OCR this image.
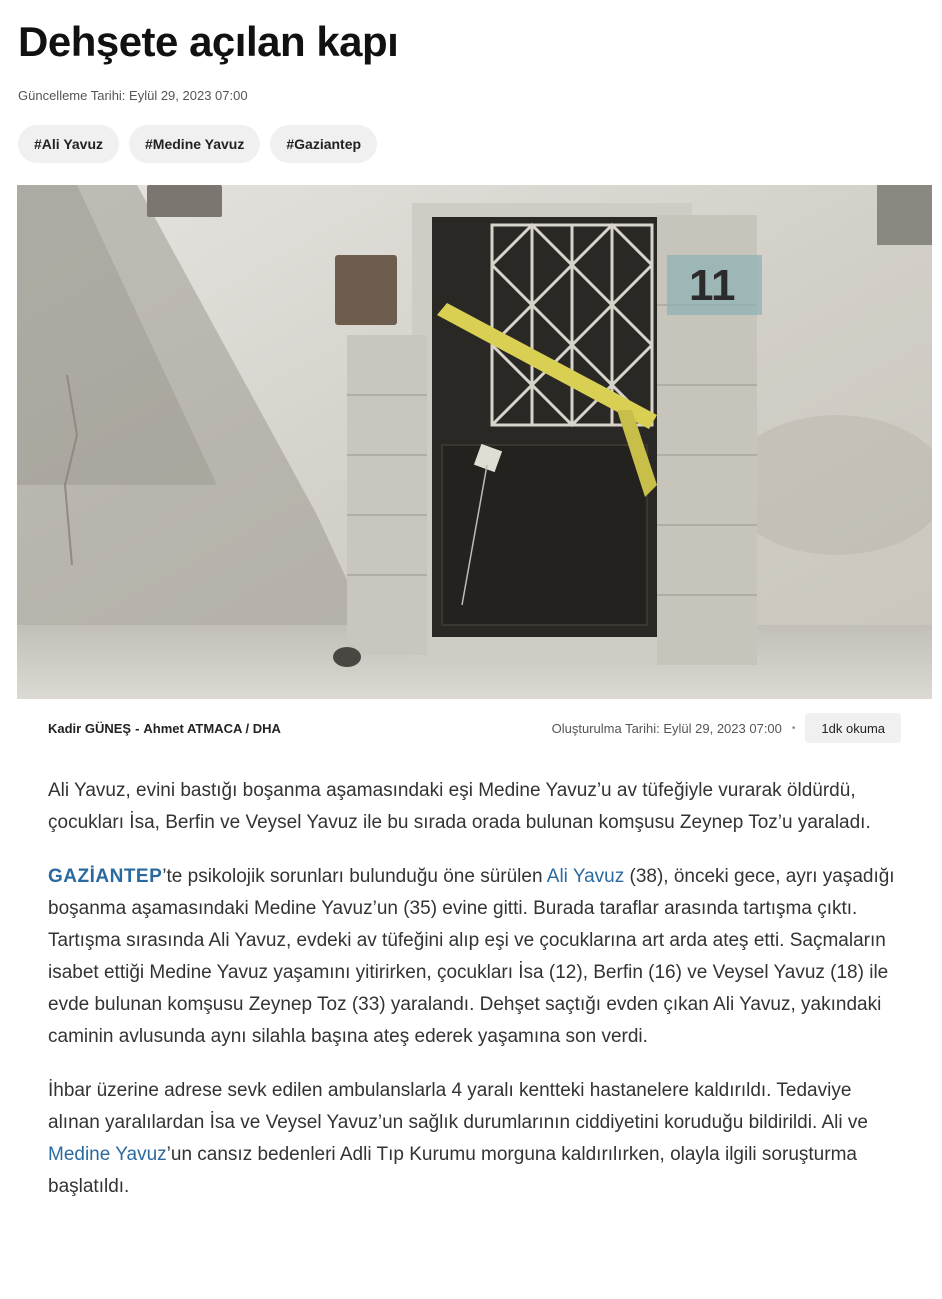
Dehşete açılan kapı
Güncelleme Tarihi: Eylül 29, 2023 07:00
#Ali Yavuz	#Medine Yavuz	#Gaziantep
11
Kadir GÜNEŞ - Ahmet ATMACA / DHA	Oluşturulma Tarihi: Eylül 29, 2023 07:00 •	1dk okuma

Ali Yavuz, evini bastığı boşanma aşamasındaki eşi Medine Yavuz’u av tüfeğiyle vurarak öldürdü, çocukları İsa, Berfin ve Veysel Yavuz ile bu sırada orada bulunan komşusu Zeynep Toz’u yaraladı.

GAZİANTEP’te psikolojik sorunları bulunduğu öne sürülen Ali Yavuz (38), önceki gece, ayrı yaşadığı boşanma aşamasındaki Medine Yavuz’un (35) evine gitti. Burada taraflar arasında tartışma çıktı. Tartışma sırasında Ali Yavuz, evdeki av tüfeğini alıp eşi ve çocuklarına art arda ateş etti. Saçmaların isabet ettiği Medine Yavuz yaşamını yitirirken, çocukları İsa (12), Berfin (16) ve Veysel Yavuz (18) ile evde bulunan komşusu Zeynep Toz (33) yaralandı. Dehşet saçtığı evden çıkan Ali Yavuz, yakındaki caminin avlusunda aynı silahla başına ateş ederek yaşamına son verdi.

İhbar üzerine adrese sevk edilen ambulanslarla 4 yaralı kentteki hastanelere kaldırıldı. Tedaviye alınan yaralılardan İsa ve Veysel Yavuz’un sağlık durumlarının ciddiyetini koruduğu bildirildi. Ali ve Medine Yavuz’un cansız bedenleri Adli Tıp Kurumu morguna kaldırılırken, olayla ilgili soruşturma başlatıldı.
